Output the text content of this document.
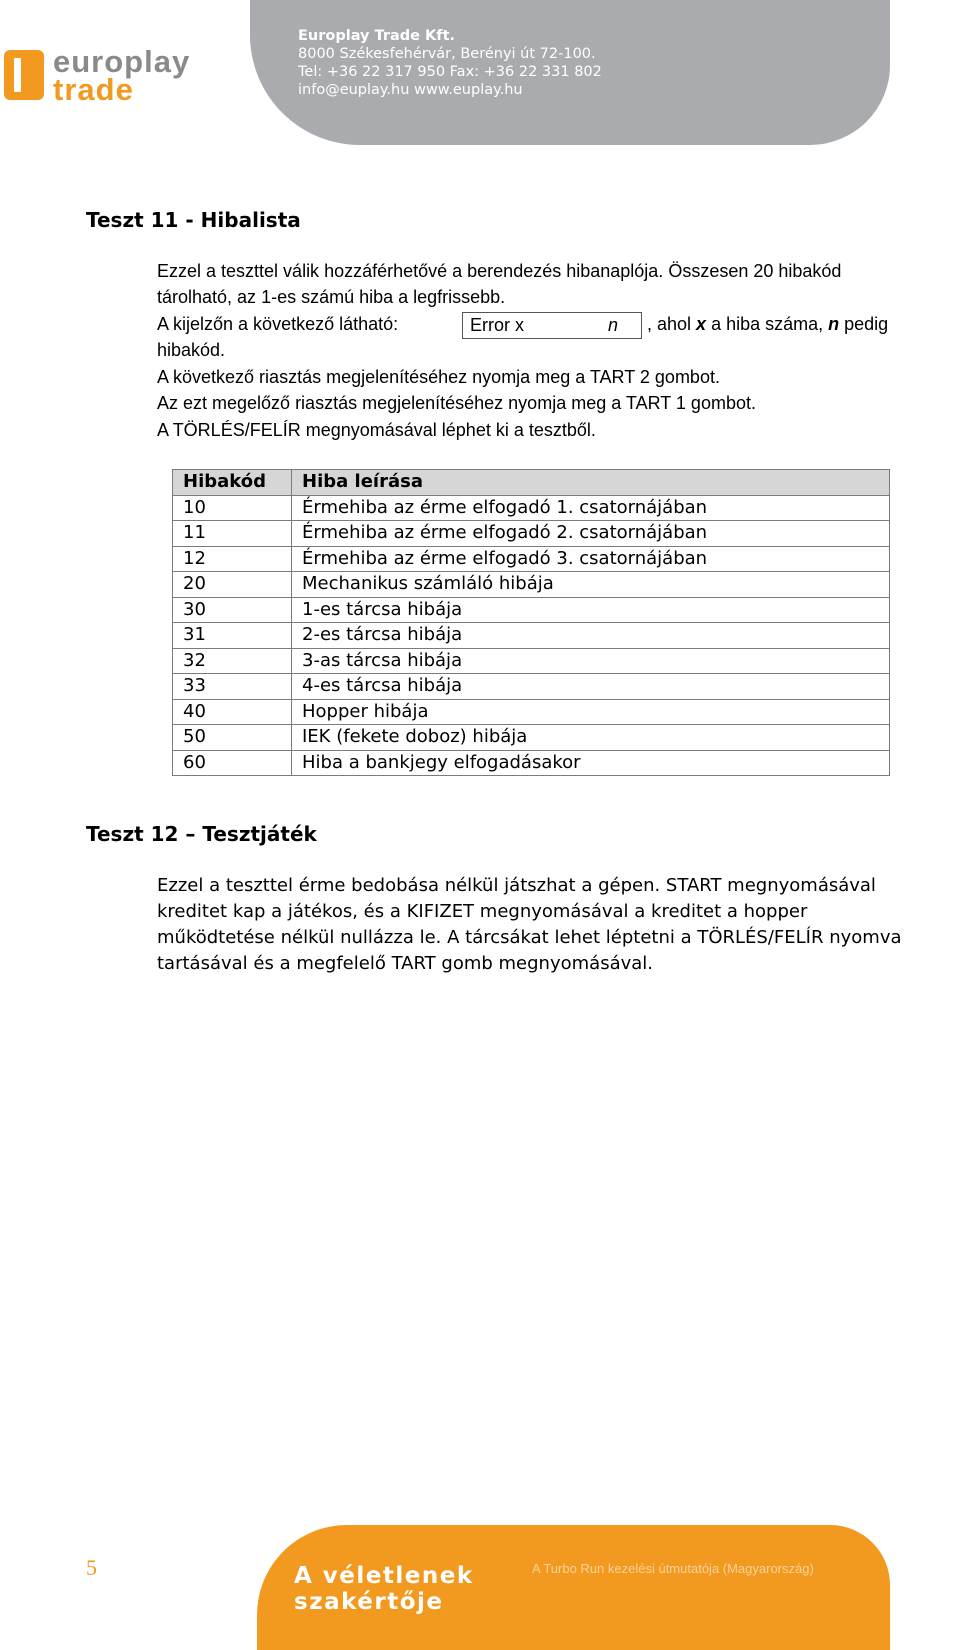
europlay
trade
Europlay Trade Kft.
8000 Székesfehérvár, Berényi út 72-100.
Tel: +36 22 317 950 Fax: +36 22 331 802
info@euplay.hu www.euplay.hu
Teszt 11 - Hibalista

Ezzel a teszttel válik hozzáférhetővé a berendezés hibanaplója. Összesen 20 hibakód

tárolható, az 1-es számú hiba a legfrissebb.

A kijelzőn a következő látható:	Error x	n , ahol x a hiba száma, n pedig

hibakód.

A következő riasztás megjelenítéséhez nyomja meg a TART 2 gombot.

Az ezt megelőző riasztás megjelenítéséhez nyomja meg a TART 1 gombot.

A TÖRLÉS/FELÍR megnyomásával léphet ki a tesztből.

Hibakód	Hiba leírása
10	Érmehiba az érme elfogadó 1. csatornájában
11	Érmehiba az érme elfogadó 2. csatornájában
12	Érmehiba az érme elfogadó 3. csatornájában
20	Mechanikus számláló hibája
30	1-es tárcsa hibája
31	2-es tárcsa hibája
32	3-as tárcsa hibája
33	4-es tárcsa hibája
40	Hopper hibája
50	IEK (fekete doboz) hibája
60	Hiba a bankjegy elfogadásakor
Teszt 12 – Tesztjáték

Ezzel a teszttel érme bedobása nélkül játszhat a gépen. START megnyomásával

kreditet kap a játékos, és a KIFIZET megnyomásával a kreditet a hopper

működtetése nélkül nullázza le. A tárcsákat lehet léptetni a TÖRLÉS/FELÍR nyomva

tartásával és a megfelelő TART gomb megnyomásával.

5	A véletlenek
szakértője
A Turbo Run kezelési útmutatója (Magyarország)
